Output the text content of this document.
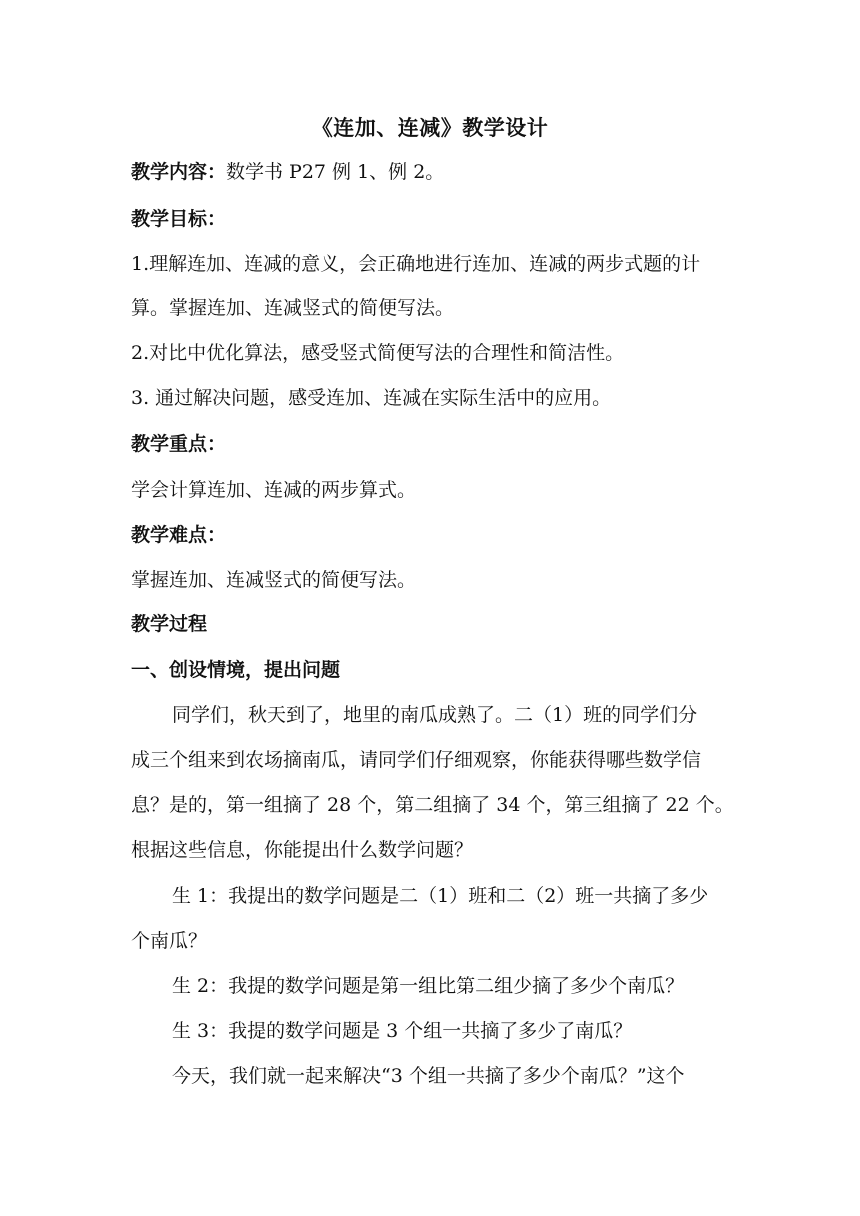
《连加、连减》教学设计
教学内容：数学书 P27 例 1、例 2。
教学目标：
1.理解连加、连减的意义，会正确地进行连加、连减的两步式题的计
算。掌握连加、连减竖式的简便写法。
2.对比中优化算法，感受竖式简便写法的合理性和简洁性。
3. 通过解决问题，感受连加、连减在实际生活中的应用。
教学重点：
学会计算连加、连减的两步算式。
教学难点：
掌握连加、连减竖式的简便写法。
教学过程
一、创设情境，提出问题
同学们，秋天到了，地里的南瓜成熟了。二（1）班的同学们分
成三个组来到农场摘南瓜，请同学们仔细观察，你能获得哪些数学信
息？是的，第一组摘了 28 个，第二组摘了 34 个，第三组摘了 22 个。
根据这些信息，你能提出什么数学问题？
生 1：我提出的数学问题是二（1）班和二（2）班一共摘了多少
个南瓜？
生 2：我提的数学问题是第一组比第二组少摘了多少个南瓜？
生 3：我提的数学问题是 3 个组一共摘了多少了南瓜？
今天，我们就一起来解决“3 个组一共摘了多少个南瓜？”这个
